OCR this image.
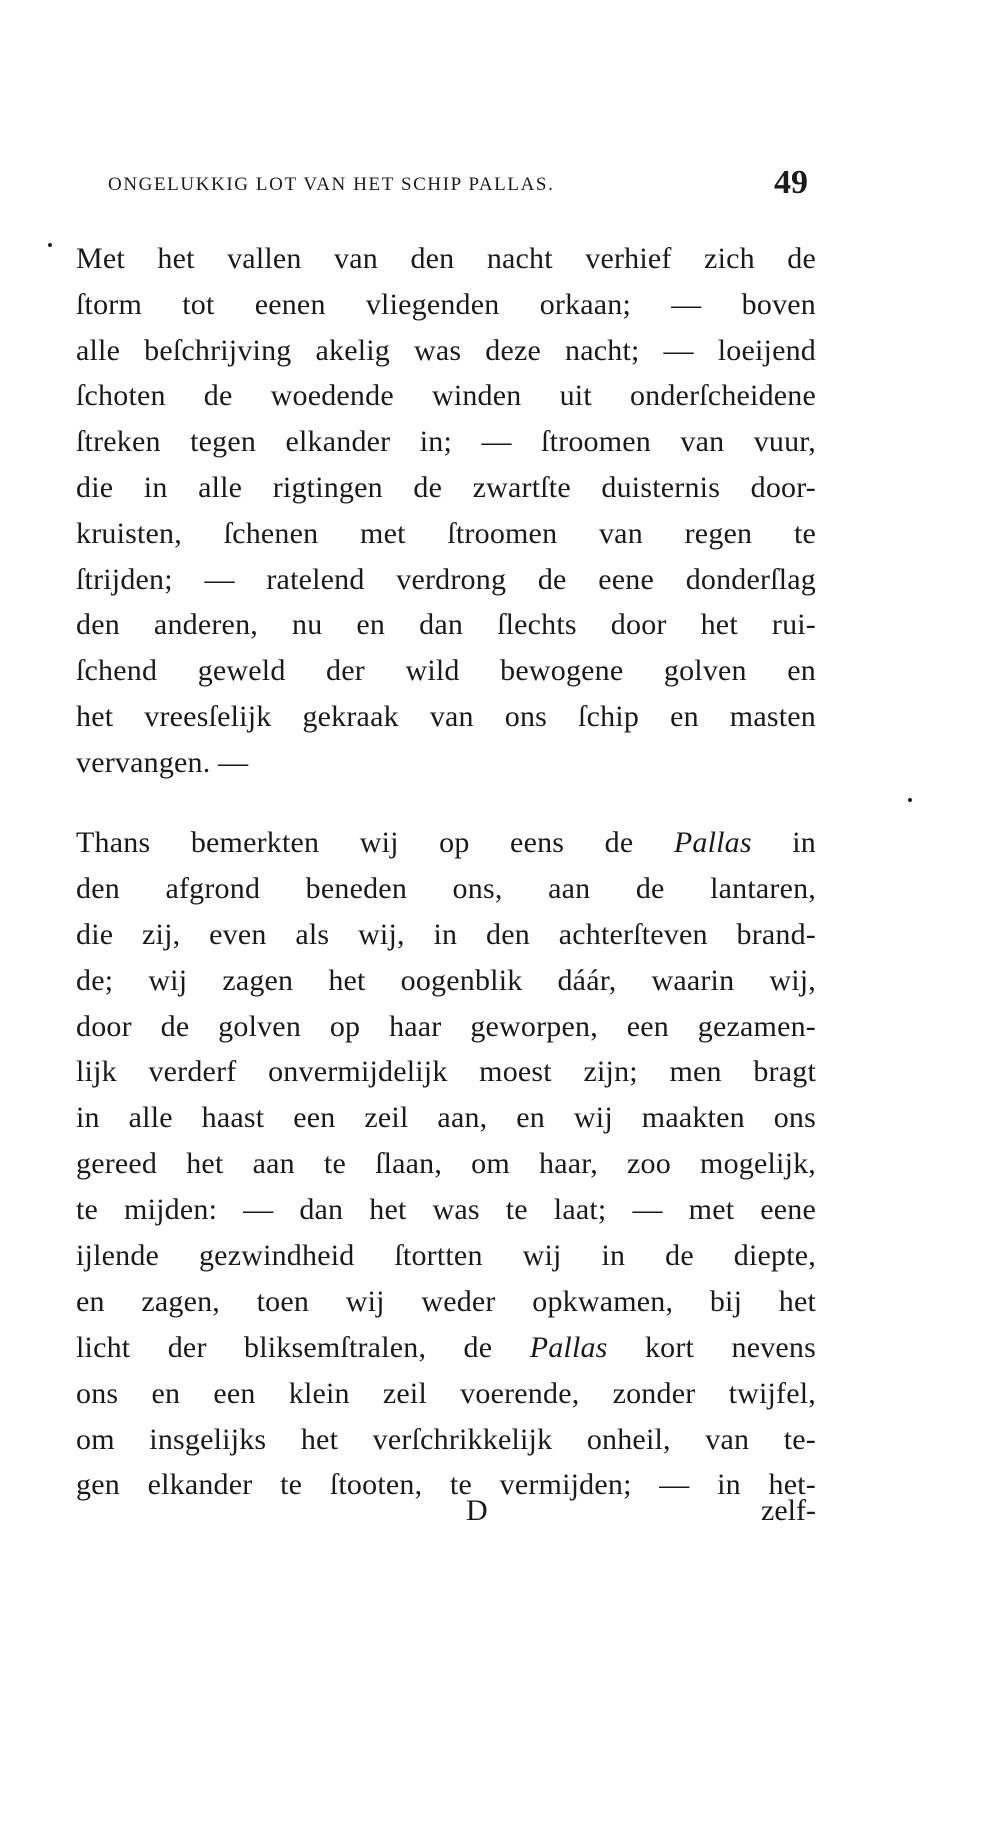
ONGELUKKIG LOT VAN HET SCHIP PALLAS.	49
Met het vallen van den nacht verhief zich de
ſtorm tot eenen vliegenden orkaan; — boven
alle beſchrijving akelig was deze nacht; — loeijend
ſchoten de woedende winden uit onderſcheidene
ſtreken tegen elkander in; — ſtroomen van vuur,
die in alle rigtingen de zwartſte duisternis door-
kruisten, ſchenen met ſtroomen van regen te
ſtrijden; — ratelend verdrong de eene donderſlag
den anderen, nu en dan ſlechts door het rui-
ſchend geweld der wild bewogene golven en
het vreesſelijk gekraak van ons ſchip en masten
vervangen. —
Thans bemerkten wij op eens de Pallas in
den afgrond beneden ons, aan de lantaren,
die zij, even als wij, in den achterſteven brand-
de; wij zagen het oogenblik dáár, waarin wij,
door de golven op haar geworpen, een gezamen-
lijk verderf onvermijdelijk moest zijn; men bragt
in alle haast een zeil aan, en wij maakten ons
gereed het aan te ſlaan, om haar, zoo mogelijk,
te mijden: — dan het was te laat; — met eene
ijlende gezwindheid ſtortten wij in de diepte,
en zagen, toen wij weder opkwamen, bij het
licht der bliksemſtralen, de Pallas kort nevens
ons en een klein zeil voerende, zonder twijfel,
om insgelijks het verſchrikkelijk onheil, van te-
gen elkander te ſtooten, te vermijden; — in het-
D	zelf-
